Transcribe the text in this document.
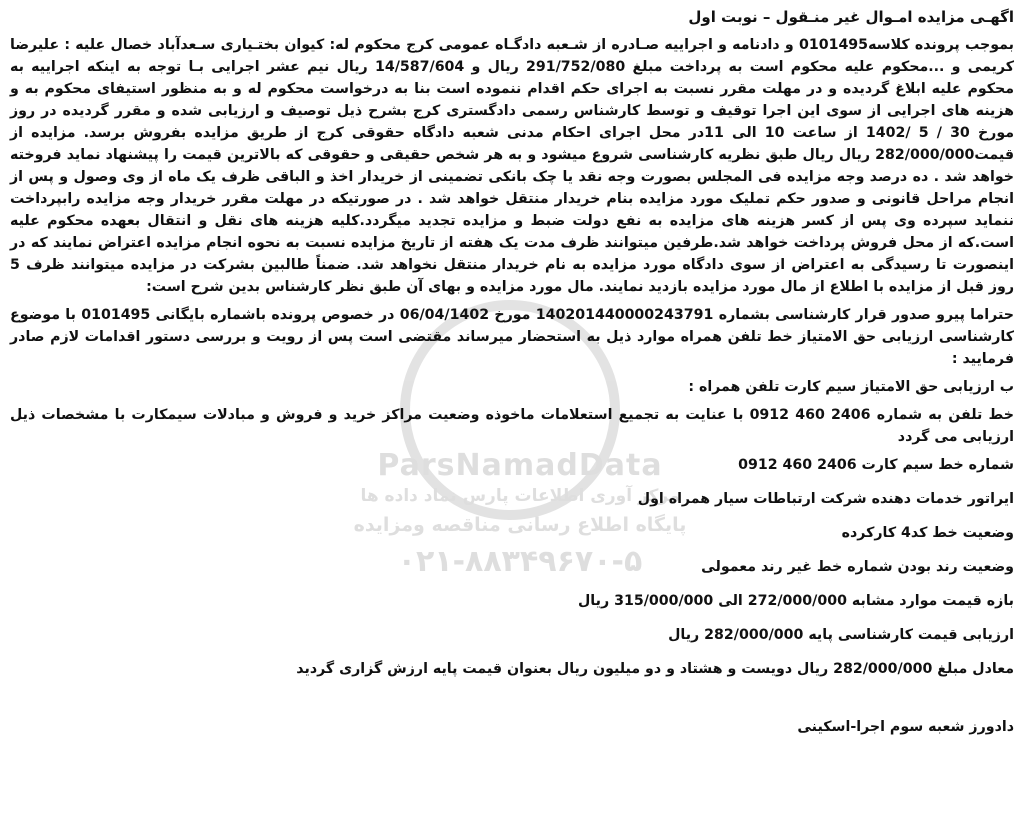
ParsNamadData
مرکز آوری اطلاعات پارس نماد داده ها
پایگاه اطلاع رسانی مناقصه ومزایده
۰۲۱-۸۸۳۴۹۶۷۰-۵
اگهـی مزایده امـوال غیر منـقول – نوبت اول

بموجب پرونده کلاسه0101495 و دادنامه و اجراییه صـادره از شـعبه دادگـاه عمومی کرج محکوم له: کیوان بختـیاری سـعدآباد خصال علیه : علیرضا کریمی و ...محکوم علیه محکوم است به پرداخت مبلغ 291/752/080 ریال و 14/587/604 ریال نیم عشر اجرایی بـا توجه به اینکه اجراییه به محکوم علیه ابلاغ گردیده و در مهلت مقرر نسبت به اجرای حکم اقدام ننموده است بنا به درخواست محکوم له و به منظور استیفای محکوم به و هزینه های اجرایی از سوی این اجرا توقیف و توسط کارشناس رسمی دادگستری کرج بشرح ذیل توصیف و ارزیابی شده و مقرر گردیده در روز مورخ 30 / 5 /1402 از ساعت 10 الی 11در محل اجرای احکام مدنی شعبه دادگاه حقوقی کرج از طریق مزایده بفروش برسد. مزایده از قیمت282/000/000 ریال ریال طبق نظریه کارشناسی شروع میشود و به هر شخص حقیقی و حقوقی که بالاترین قیمت را پیشنهاد نماید فروخته خواهد شد . ده درصد وجه مزایده فی المجلس بصورت وجه نقد یا چک بانکی تضمینی از خریدار اخذ و الباقی ظرف یک ماه از وی وصول و پس از انجام مراحل قانونی و صدور حکم تملیک مورد مزایده بنام خریدار منتقل خواهد شد . در صورتیکه در مهلت مقرر خریدار وجه مزایده رابپرداخت ننماید سپرده وی پس از کسر هزینه های مزایده به نفع دولت ضبط و مزایده تجدید میگردد.کلیه هزینه های نقل و انتقال بعهده محکوم علیه است.که از محل فروش پرداخت خواهد شد.طرفین میتوانند ظرف مدت یک هفته از تاریخ مزایده نسبت به نحوه انجام مزایده اعتراض نمایند که در اینصورت تا رسیدگی به اعتراض از سوی دادگاه مورد مزایده به نام خریدار منتقل نخواهد شد. ضمناً طالبین بشرکت در مزایده میتوانند ظرف 5 روز قبل از مزایده با اطلاع از مال مورد مزایده بازدید نمایند. مال مورد مزایده و بهای آن طبق نظر کارشناس بدین شرح است:

حتراما پیرو صدور قرار کارشناسی بشماره 140201440000243791 مورخ 06/04/1402 در خصوص پرونده باشماره بایگانی 0101495 با موضوع کارشناسی ارزیابی حق الامتیاز خط تلفن همراه موارد ذیل به استحضار میرساند مقتضی است پس از رویت و بررسی دستور اقدامات لازم صادر فرمایید :

ب ارزیابی حق الامتیاز سیم کارت تلفن همراه :

خط تلفن به شماره 2406 460 0912 با عنایت به تجمیع استعلامات ماخوذه وضعیت مراکز خرید و فروش و مبادلات سیمکارت با مشخصات ذیل ارزیابی می گردد

شماره خط سیم کارت 2406 460 0912

ایراتور خدمات دهنده شرکت ارتباطات سیار همراه اول

وضعیت خط کد4 کارکرده

وضعیت رند بودن شماره خط غیر رند معمولی

بازه قیمت موارد مشابه 272/000/000 الی 315/000/000 ریال

ارزیابی قیمت کارشناسی پایه 282/000/000 ریال

معادل مبلغ 282/000/000 ریال دویست و هشتاد و دو میلیون ریال بعنوان قیمت پایه ارزش گزاری گردید

دادورز شعبه سوم اجرا-اسکینی
